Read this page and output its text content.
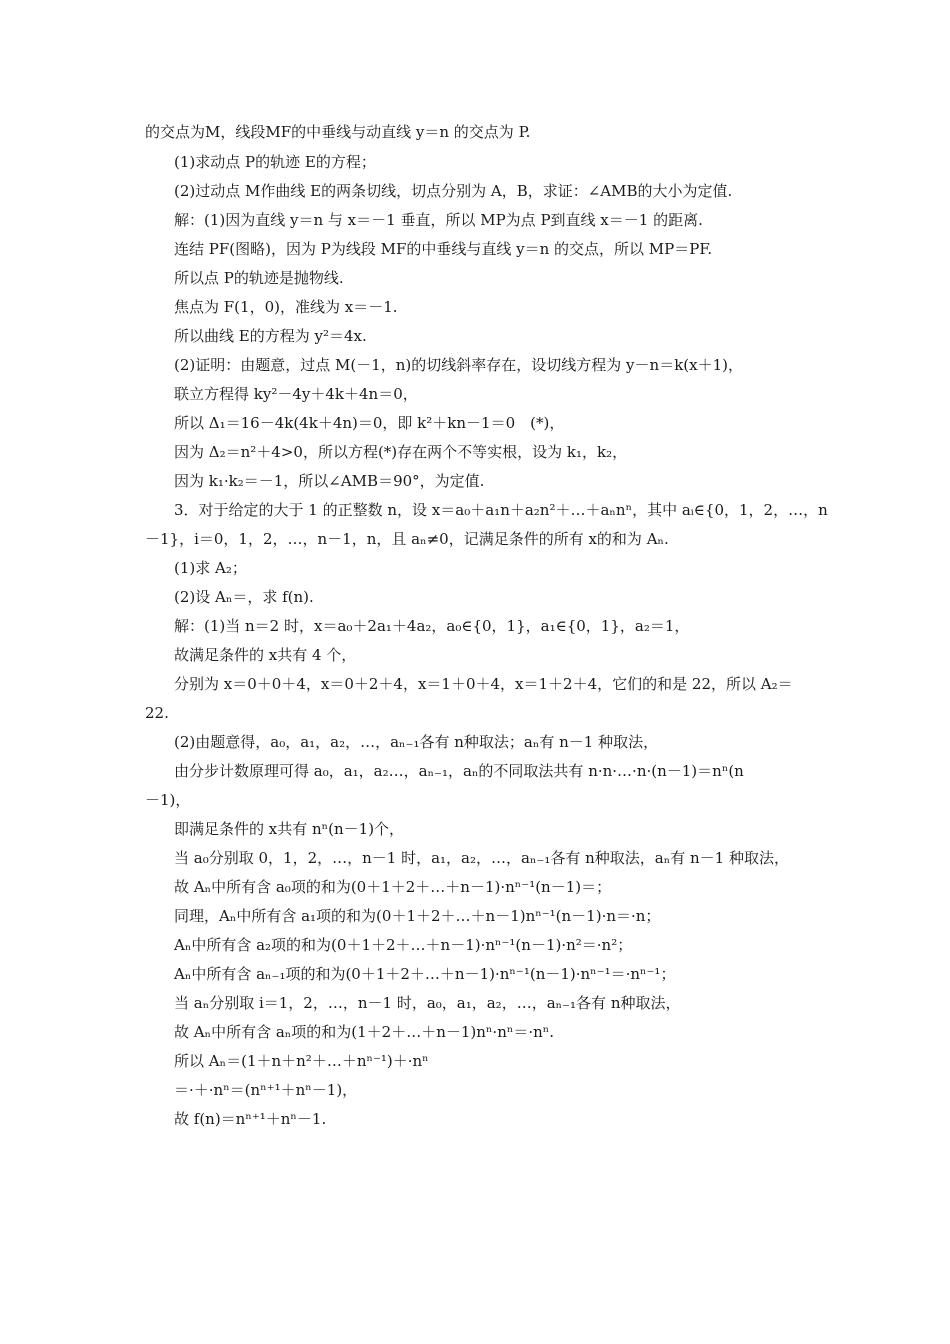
的交点为M，线段MF的中垂线与动直线 y＝n 的交点为 P.
(1)求动点 P的轨迹 E的方程；
(2)过动点 M作曲线 E的两条切线，切点分别为 A，B，求证：∠AMB的大小为定值.
解：(1)因为直线 y＝n 与 x＝－1 垂直，所以 MP为点 P到直线 x＝－1 的距离.
连结 PF(图略)，因为 P为线段 MF的中垂线与直线 y＝n 的交点，所以 MP＝PF.
所以点 P的轨迹是抛物线.
焦点为 F(1，0)，准线为 x＝－1.
所以曲线 E的方程为 y²＝4x.
(2)证明：由题意，过点 M(－1，n)的切线斜率存在，设切线方程为 y－n＝k(x＋1)，
联立方程得 ky²－4y＋4k＋4n＝0，
所以 Δ₁＝16－4k(4k＋4n)＝0，即 k²＋kn－1＝0　(*)，
因为 Δ₂＝n²＋4>0，所以方程(*)存在两个不等实根，设为 k₁，k₂，
因为 k₁·k₂＝－1，所以∠AMB＝90°，为定值.
3．对于给定的大于 1 的正整数 n，设 x＝a₀＋a₁n＋a₂n²＋…＋aₙnⁿ，其中 aᵢ∈{0，1，2，…，n
－1}，i＝0，1，2，…，n－1，n，且 aₙ≠0，记满足条件的所有 x的和为 Aₙ.
(1)求 A₂；
(2)设 Aₙ＝，求 f(n).
解：(1)当 n＝2 时，x＝a₀＋2a₁＋4a₂，a₀∈{0，1}，a₁∈{0，1}，a₂＝1，
故满足条件的 x共有 4 个，
分别为 x＝0＋0＋4，x＝0＋2＋4，x＝1＋0＋4，x＝1＋2＋4，它们的和是 22，所以 A₂＝
22.
(2)由题意得，a₀，a₁，a₂，…，aₙ₋₁各有 n种取法；aₙ有 n－1 种取法，
由分步计数原理可得 a₀，a₁，a₂…，aₙ₋₁，aₙ的不同取法共有 n·n·…·n·(n－1)＝nⁿ(n
－1)，
即满足条件的 x共有 nⁿ(n－1)个，
当 a₀分别取 0，1，2，…，n－1 时，a₁，a₂，…，aₙ₋₁各有 n种取法，aₙ有 n－1 种取法，
故 Aₙ中所有含 a₀项的和为(0＋1＋2＋…＋n－1)·nⁿ⁻¹(n－1)＝；
同理，Aₙ中所有含 a₁项的和为(0＋1＋2＋…＋n－1)nⁿ⁻¹(n－1)·n＝·n；
Aₙ中所有含 a₂项的和为(0＋1＋2＋…＋n－1)·nⁿ⁻¹(n－1)·n²＝·n²；
Aₙ中所有含 aₙ₋₁项的和为(0＋1＋2＋…＋n－1)·nⁿ⁻¹(n－1)·nⁿ⁻¹＝·nⁿ⁻¹；
当 aₙ分别取 i＝1，2，…，n－1 时，a₀，a₁，a₂，…，aₙ₋₁各有 n种取法，
故 Aₙ中所有含 aₙ项的和为(1＋2＋…＋n－1)nⁿ·nⁿ＝·nⁿ.
所以 Aₙ＝(1＋n＋n²＋…＋nⁿ⁻¹)＋·nⁿ
＝·＋·nⁿ＝(nⁿ⁺¹＋nⁿ－1)，
故 f(n)＝nⁿ⁺¹＋nⁿ－1.
